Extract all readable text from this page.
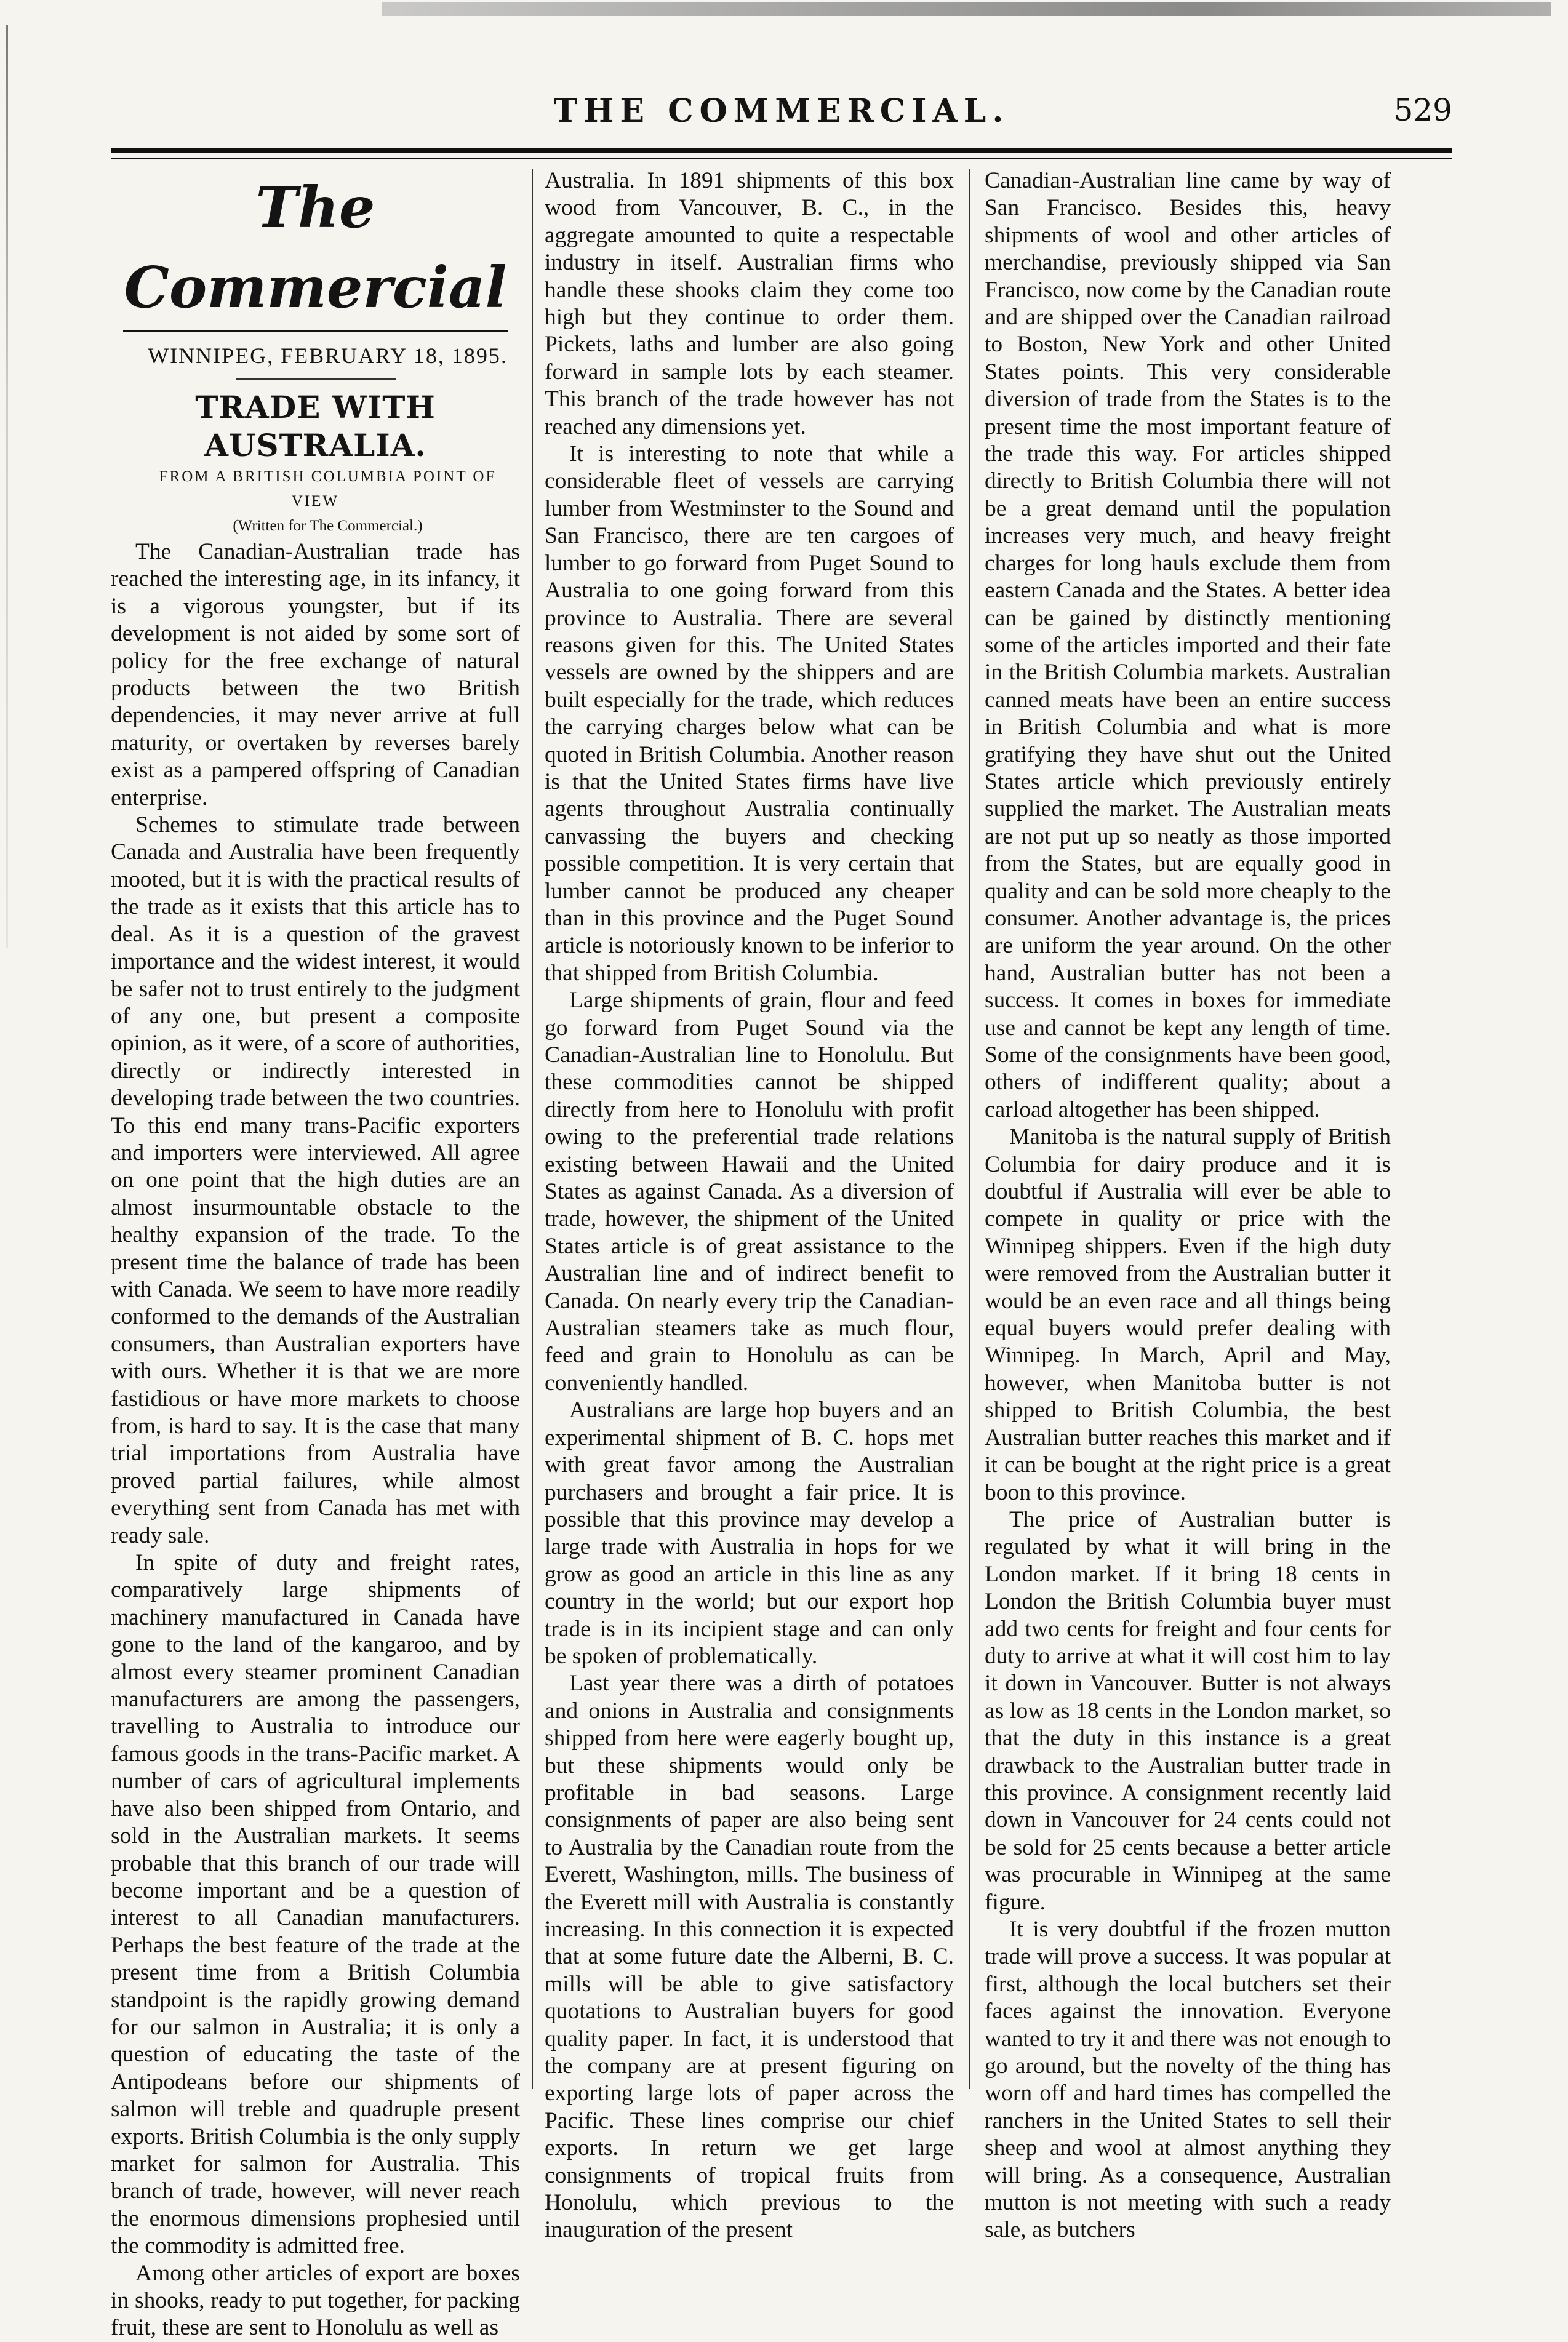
THE COMMERCIAL.	529
The Commercial

WINNIPEG, FEBRUARY 18, 1895.

TRADE WITH AUSTRALIA.

FROM A BRITISH COLUMBIA POINT OF VIEW

(Written for The Commercial.)

The Canadian-Australian trade has reached the interesting age, in its infancy, it is a vigorous youngster, but if its development is not aided by some sort of policy for the free exchange of natural products between the two British dependencies, it may never arrive at full maturity, or overtaken by reverses barely exist as a pampered offspring of Canadian enterprise.

Schemes to stimulate trade between Canada and Australia have been frequently mooted, but it is with the practical results of the trade as it exists that this article has to deal. As it is a question of the gravest importance and the widest interest, it would be safer not to trust entirely to the judgment of any one, but present a composite opinion, as it were, of a score of authorities, directly or indirectly interested in developing trade between the two countries. To this end many trans-Pacific exporters and importers were interviewed. All agree on one point that the high duties are an almost insurmountable obstacle to the healthy expansion of the trade. To the present time the balance of trade has been with Canada. We seem to have more readily conformed to the demands of the Australian consumers, than Australian exporters have with ours. Whether it is that we are more fastidious or have more markets to choose from, is hard to say. It is the case that many trial importations from Australia have proved partial failures, while almost everything sent from Canada has met with ready sale.

In spite of duty and freight rates, comparatively large shipments of machinery manufactured in Canada have gone to the land of the kangaroo, and by almost every steamer prominent Canadian manufacturers are among the passengers, travelling to Australia to introduce our famous goods in the trans-Pacific market. A number of cars of agricultural implements have also been shipped from Ontario, and sold in the Australian markets. It seems probable that this branch of our trade will become important and be a question of interest to all Canadian manufacturers. Perhaps the best feature of the trade at the present time from a British Columbia standpoint is the rapidly growing demand for our salmon in Australia; it is only a question of educating the taste of the Antipodeans before our shipments of salmon will treble and quadruple present exports. British Columbia is the only supply market for salmon for Australia. This branch of trade, however, will never reach the enormous dimensions prophesied until the commodity is admitted free.

Among other articles of export are boxes in shooks, ready to put together, for packing fruit, these are sent to Honolulu as well as

Australia. In 1891 shipments of this box wood from Vancouver, B. C., in the aggregate amounted to quite a respectable industry in itself. Australian firms who handle these shooks claim they come too high but they continue to order them. Pickets, laths and lumber are also going forward in sample lots by each steamer. This branch of the trade however has not reached any dimensions yet.

It is interesting to note that while a considerable fleet of vessels are carrying lumber from Westminster to the Sound and San Francisco, there are ten cargoes of lumber to go forward from Puget Sound to Australia to one going forward from this province to Australia. There are several reasons given for this. The United States vessels are owned by the shippers and are built especially for the trade, which reduces the carrying charges below what can be quoted in British Columbia. Another reason is that the United States firms have live agents throughout Australia continually canvassing the buyers and checking possible competition. It is very certain that lumber cannot be produced any cheaper than in this province and the Puget Sound article is notoriously known to be inferior to that shipped from British Columbia.

Large shipments of grain, flour and feed go forward from Puget Sound via the Canadian-Australian line to Honolulu. But these commodities cannot be shipped directly from here to Honolulu with profit owing to the preferential trade relations existing between Hawaii and the United States as against Canada. As a diversion of trade, however, the shipment of the United States article is of great assistance to the Australian line and of indirect benefit to Canada. On nearly every trip the Canadian-Australian steamers take as much flour, feed and grain to Honolulu as can be conveniently handled.

Australians are large hop buyers and an experimental shipment of B. C. hops met with great favor among the Australian purchasers and brought a fair price. It is possible that this province may develop a large trade with Australia in hops for we grow as good an article in this line as any country in the world; but our export hop trade is in its incipient stage and can only be spoken of problematically.

Last year there was a dirth of potatoes and onions in Australia and consignments shipped from here were eagerly bought up, but these shipments would only be profitable in bad seasons. Large consignments of paper are also being sent to Australia by the Canadian route from the Everett, Washington, mills. The business of the Everett mill with Australia is constantly increasing. In this connection it is expected that at some future date the Alberni, B. C. mills will be able to give satisfactory quotations to Australian buyers for good quality paper. In fact, it is understood that the company are at present figuring on exporting large lots of paper across the Pacific. These lines comprise our chief exports. In return we get large consignments of tropical fruits from Honolulu, which previous to the inauguration of the present

Canadian-Australian line came by way of San Francisco. Besides this, heavy shipments of wool and other articles of merchandise, previously shipped via San Francisco, now come by the Canadian route and are shipped over the Canadian railroad to Boston, New York and other United States points. This very considerable diversion of trade from the States is to the present time the most important feature of the trade this way. For articles shipped directly to British Columbia there will not be a great demand until the population increases very much, and heavy freight charges for long hauls exclude them from eastern Canada and the States. A better idea can be gained by distinctly mentioning some of the articles imported and their fate in the British Columbia markets. Australian canned meats have been an entire success in British Columbia and what is more gratifying they have shut out the United States article which previously entirely supplied the market. The Australian meats are not put up so neatly as those imported from the States, but are equally good in quality and can be sold more cheaply to the consumer. Another advantage is, the prices are uniform the year around. On the other hand, Australian butter has not been a success. It comes in boxes for immediate use and cannot be kept any length of time. Some of the consignments have been good, others of indifferent quality; about a carload altogether has been shipped.

Manitoba is the natural supply of British Columbia for dairy produce and it is doubtful if Australia will ever be able to compete in quality or price with the Winnipeg shippers. Even if the high duty were removed from the Australian butter it would be an even race and all things being equal buyers would prefer dealing with Winnipeg. In March, April and May, however, when Manitoba butter is not shipped to British Columbia, the best Australian butter reaches this market and if it can be bought at the right price is a great boon to this province.

The price of Australian butter is regulated by what it will bring in the London market. If it bring 18 cents in London the British Columbia buyer must add two cents for freight and four cents for duty to arrive at what it will cost him to lay it down in Vancouver. Butter is not always as low as 18 cents in the London market, so that the duty in this instance is a great drawback to the Australian butter trade in this province. A consignment recently laid down in Vancouver for 24 cents could not be sold for 25 cents because a better article was procurable in Winnipeg at the same figure.

It is very doubtful if the frozen mutton trade will prove a success. It was popular at first, although the local butchers set their faces against the innovation. Everyone wanted to try it and there was not enough to go around, but the novelty of the thing has worn off and hard times has compelled the ranchers in the United States to sell their sheep and wool at almost anything they will bring. As a consequence, Australian mutton is not meeting with such a ready sale, as butchers
